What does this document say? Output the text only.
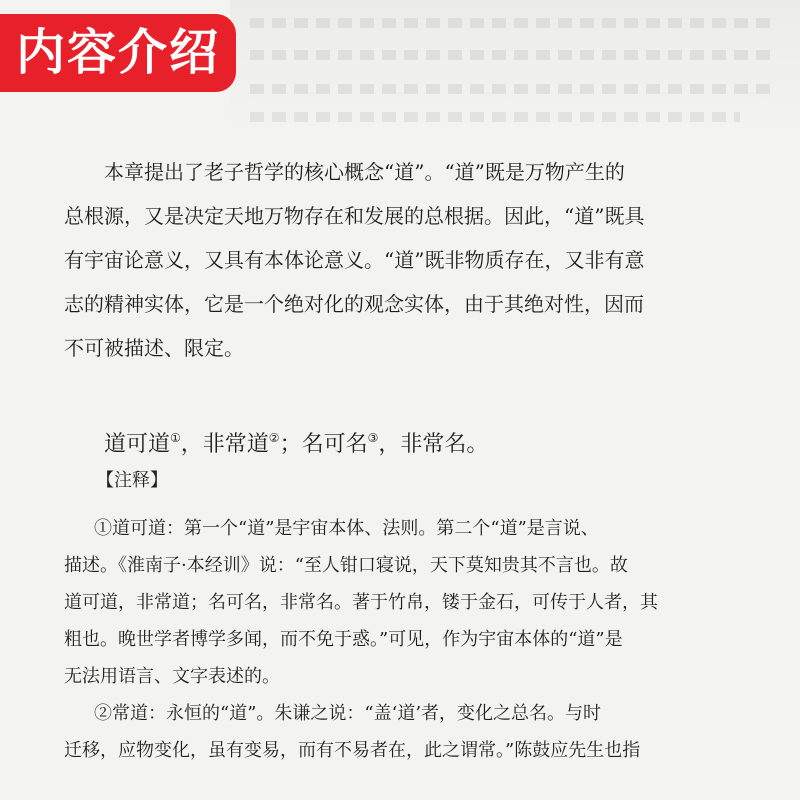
内容介绍

本章提出了老子哲学的核心概念“道”。“道”既是万物产生的

总根源，又是决定天地万物存在和发展的总根据。因此，“道”既具

有宇宙论意义，又具有本体论意义。“道”既非物质存在，又非有意

志的精神实体，它是一个绝对化的观念实体，由于其绝对性，因而

不可被描述、限定。

道可道①，非常道②；名可名③，非常名。

【注释】

①道可道：第一个“道”是宇宙本体、法则。第二个“道”是言说、

描述。《淮南子·本经训》说：“至人钳口寝说，天下莫知贵其不言也。故

道可道，非常道；名可名，非常名。著于竹帛，镂于金石，可传于人者，其

粗也。晚世学者博学多闻，而不免于惑。”可见，作为宇宙本体的“道”是

无法用语言、文字表述的。

②常道：永恒的“道”。朱谦之说：“盖‘道’者，变化之总名。与时

迁移，应物变化，虽有变易，而有不易者在，此之谓常。”陈鼓应先生也指
